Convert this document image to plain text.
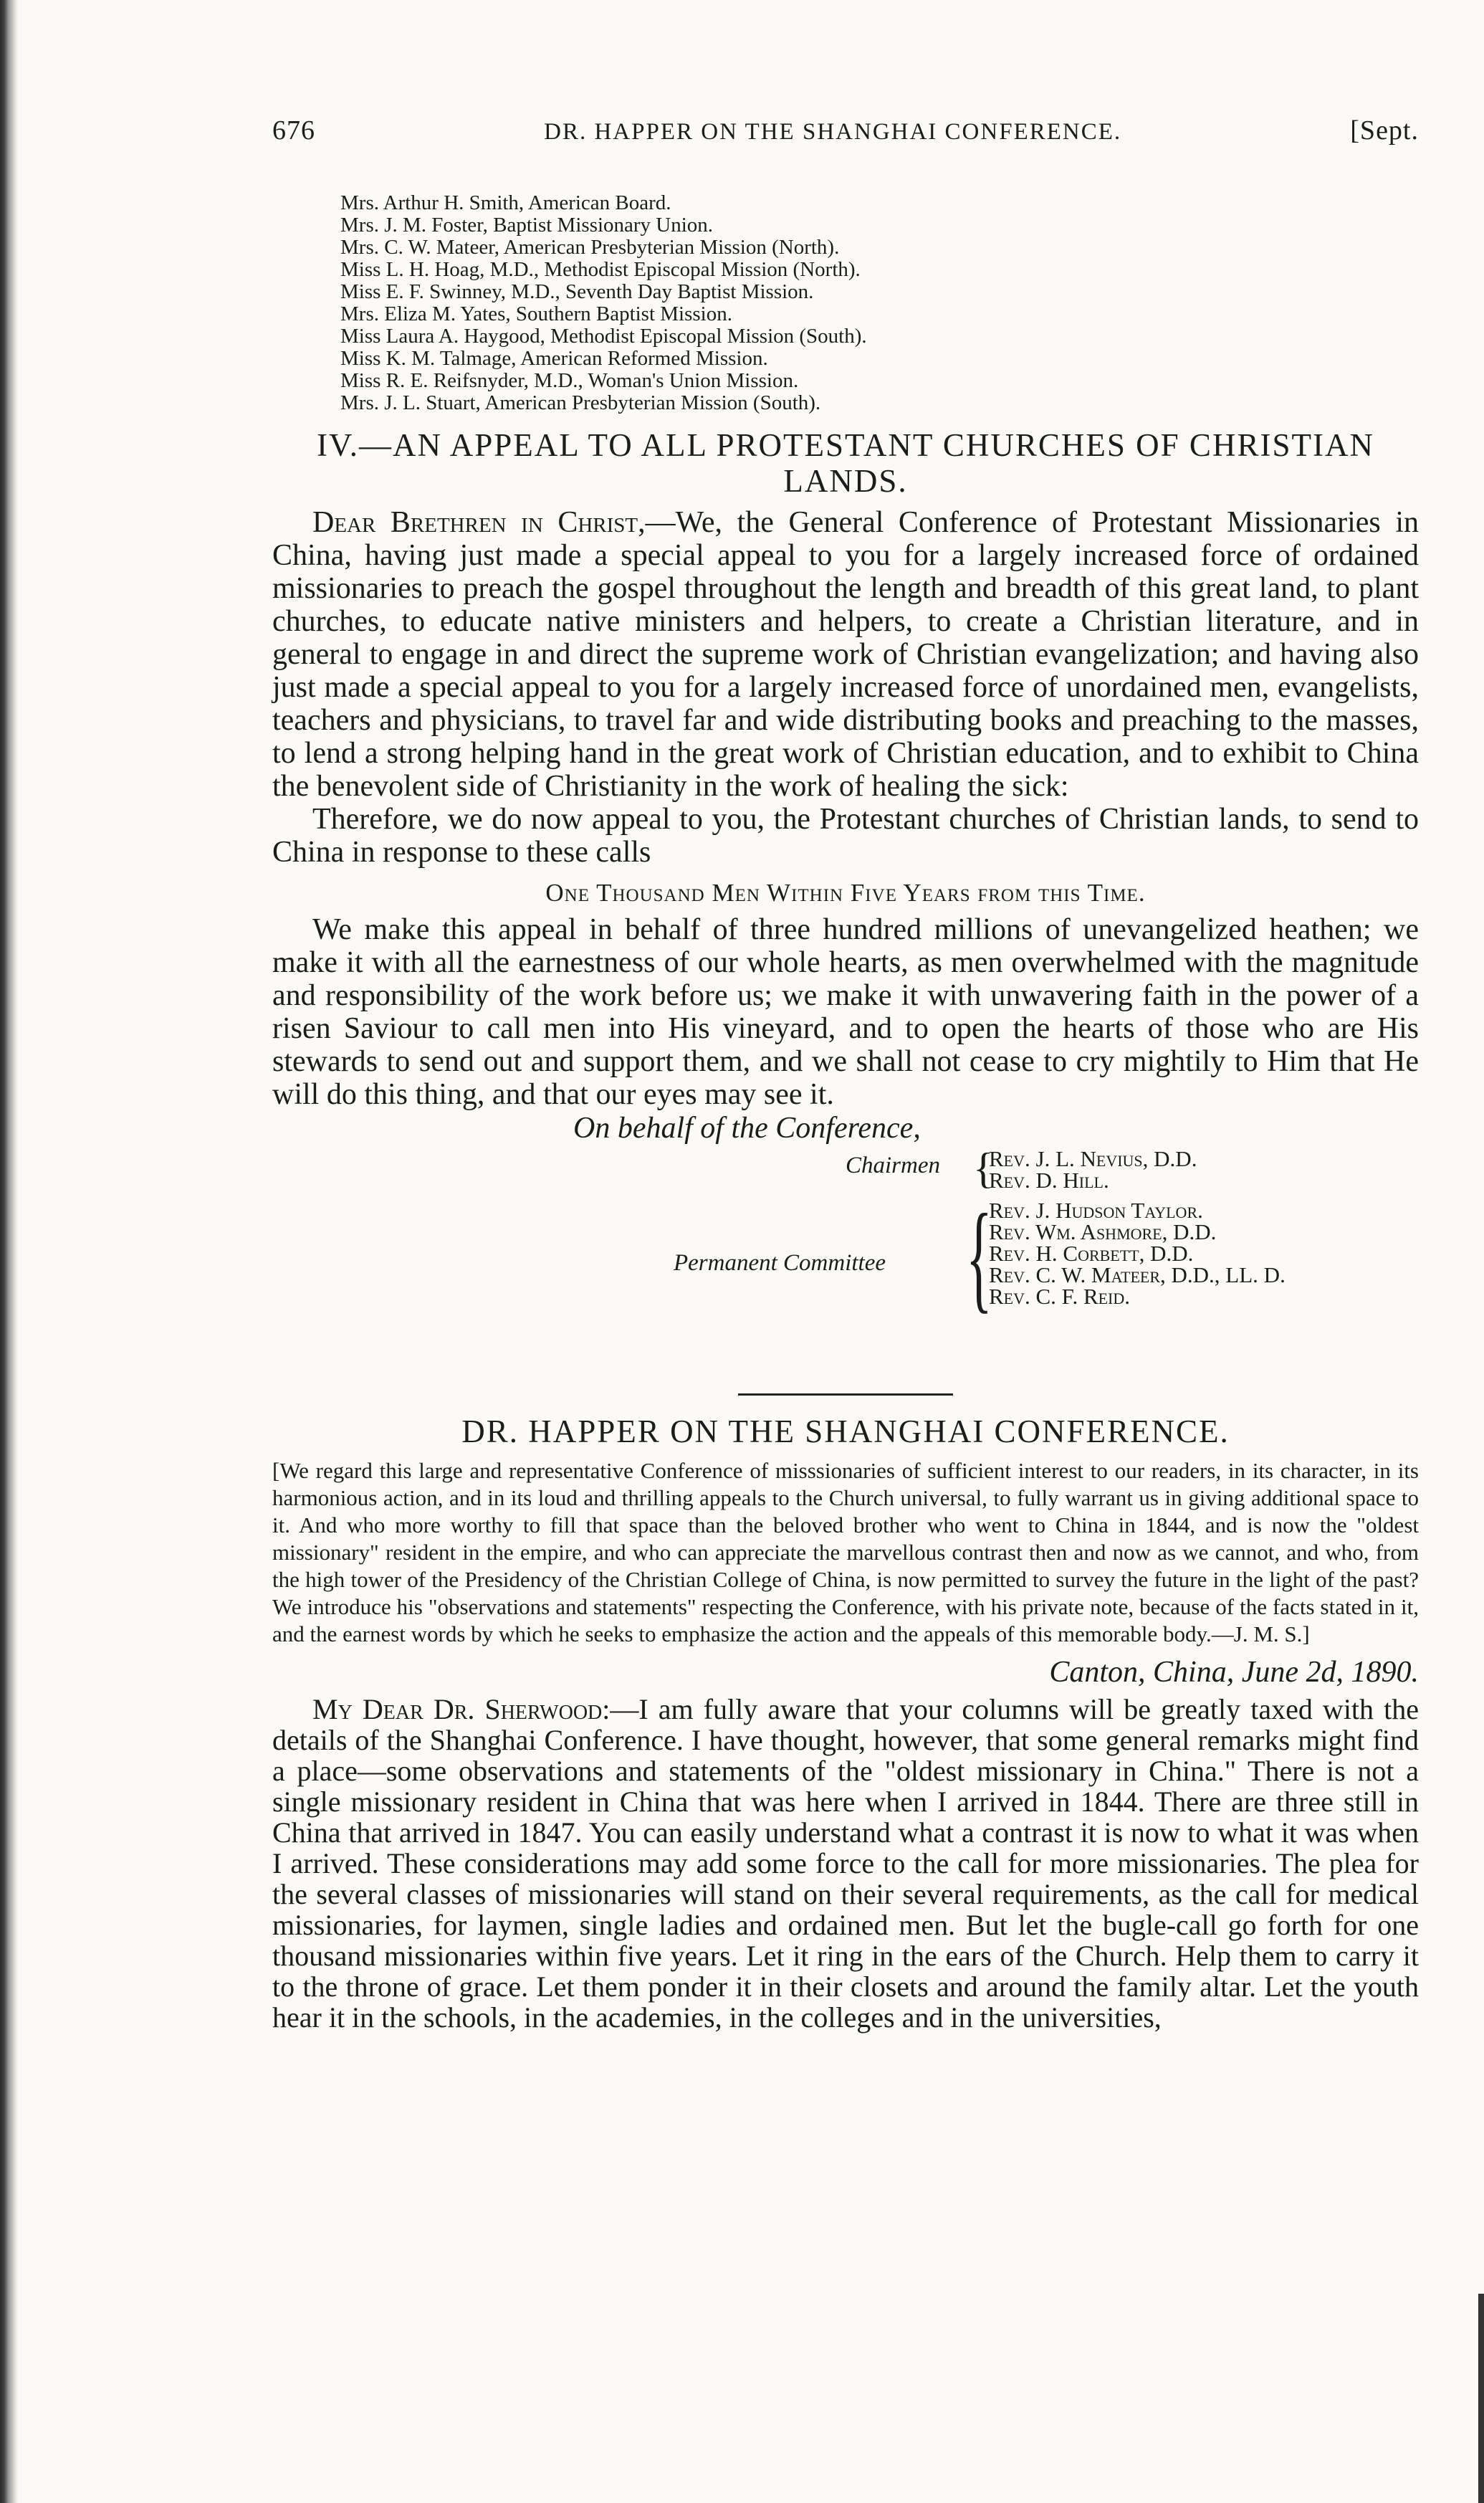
676	DR. HAPPER ON THE SHANGHAI CONFERENCE.	[Sept.
Mrs. Arthur H. Smith, American Board.
Mrs. J. M. Foster, Baptist Missionary Union.
Mrs. C. W. Mateer, American Presbyterian Mission (North).
Miss L. H. Hoag, M.D., Methodist Episcopal Mission (North).
Miss E. F. Swinney, M.D., Seventh Day Baptist Mission.
Mrs. Eliza M. Yates, Southern Baptist Mission.
Miss Laura A. Haygood, Methodist Episcopal Mission (South).
Miss K. M. Talmage, American Reformed Mission.
Miss R. E. Reifsnyder, M.D., Woman's Union Mission.
Mrs. J. L. Stuart, American Presbyterian Mission (South).
IV.—AN APPEAL TO ALL PROTESTANT CHURCHES OF CHRISTIAN LANDS.

Dear Brethren in Christ,—We, the General Conference of Protestant Missionaries in China, having just made a special appeal to you for a largely increased force of ordained missionaries to preach the gospel throughout the length and breadth of this great land, to plant churches, to educate native ministers and helpers, to create a Christian literature, and in general to engage in and direct the supreme work of Christian evangelization; and having also just made a special appeal to you for a largely increased force of unordained men, evangelists, teachers and physicians, to travel far and wide distributing books and preaching to the masses, to lend a strong helping hand in the great work of Christian education, and to exhibit to China the benevolent side of Christianity in the work of healing the sick:

Therefore, we do now appeal to you, the Protestant churches of Christian lands, to send to China in response to these calls

One Thousand Men Within Five Years from this Time.

We make this appeal in behalf of three hundred millions of unevangelized heathen; we make it with all the earnestness of our whole hearts, as men overwhelmed with the magnitude and responsibility of the work before us; we make it with unwavering faith in the power of a risen Saviour to call men into His vineyard, and to open the hearts of those who are His stewards to send out and support them, and we shall not cease to cry mightily to Him that He will do this thing, and that our eyes may see it.

On behalf of the Conference,
Chairmen {
Rev. J. L. Nevius, D.D.
Rev. D. Hill.
Permanent Committee {
Rev. J. Hudson Taylor.
Rev. Wm. Ashmore, D.D.
Rev. H. Corbett, D.D.
Rev. C. W. Mateer, D.D., LL. D.
Rev. C. F. Reid.
DR. HAPPER ON THE SHANGHAI CONFERENCE.
[We regard this large and representative Conference of misssionaries of sufficient interest to our readers, in its character, in its harmonious action, and in its loud and thrilling appeals to the Church universal, to fully warrant us in giving additional space to it. And who more worthy to fill that space than the beloved brother who went to China in 1844, and is now the "oldest missionary" resident in the empire, and who can appreciate the marvellous contrast then and now as we cannot, and who, from the high tower of the Presidency of the Christian College of China, is now permitted to survey the future in the light of the past? We introduce his "observations and statements" respecting the Conference, with his private note, because of the facts stated in it, and the earnest words by which he seeks to emphasize the action and the appeals of this memorable body.—J. M. S.]
Canton, China, June 2d, 1890.

My Dear Dr. Sherwood:—I am fully aware that your columns will be greatly taxed with the details of the Shanghai Conference. I have thought, however, that some general remarks might find a place—some observations and statements of the "oldest missionary in China." There is not a single missionary resident in China that was here when I arrived in 1844. There are three still in China that arrived in 1847. You can easily understand what a contrast it is now to what it was when I arrived. These considerations may add some force to the call for more missionaries. The plea for the several classes of missionaries will stand on their several requirements, as the call for medical missionaries, for laymen, single ladies and ordained men. But let the bugle-call go forth for one thousand missionaries within five years. Let it ring in the ears of the Church. Help them to carry it to the throne of grace. Let them ponder it in their closets and around the family altar. Let the youth hear it in the schools, in the academies, in the colleges and in the universities,
